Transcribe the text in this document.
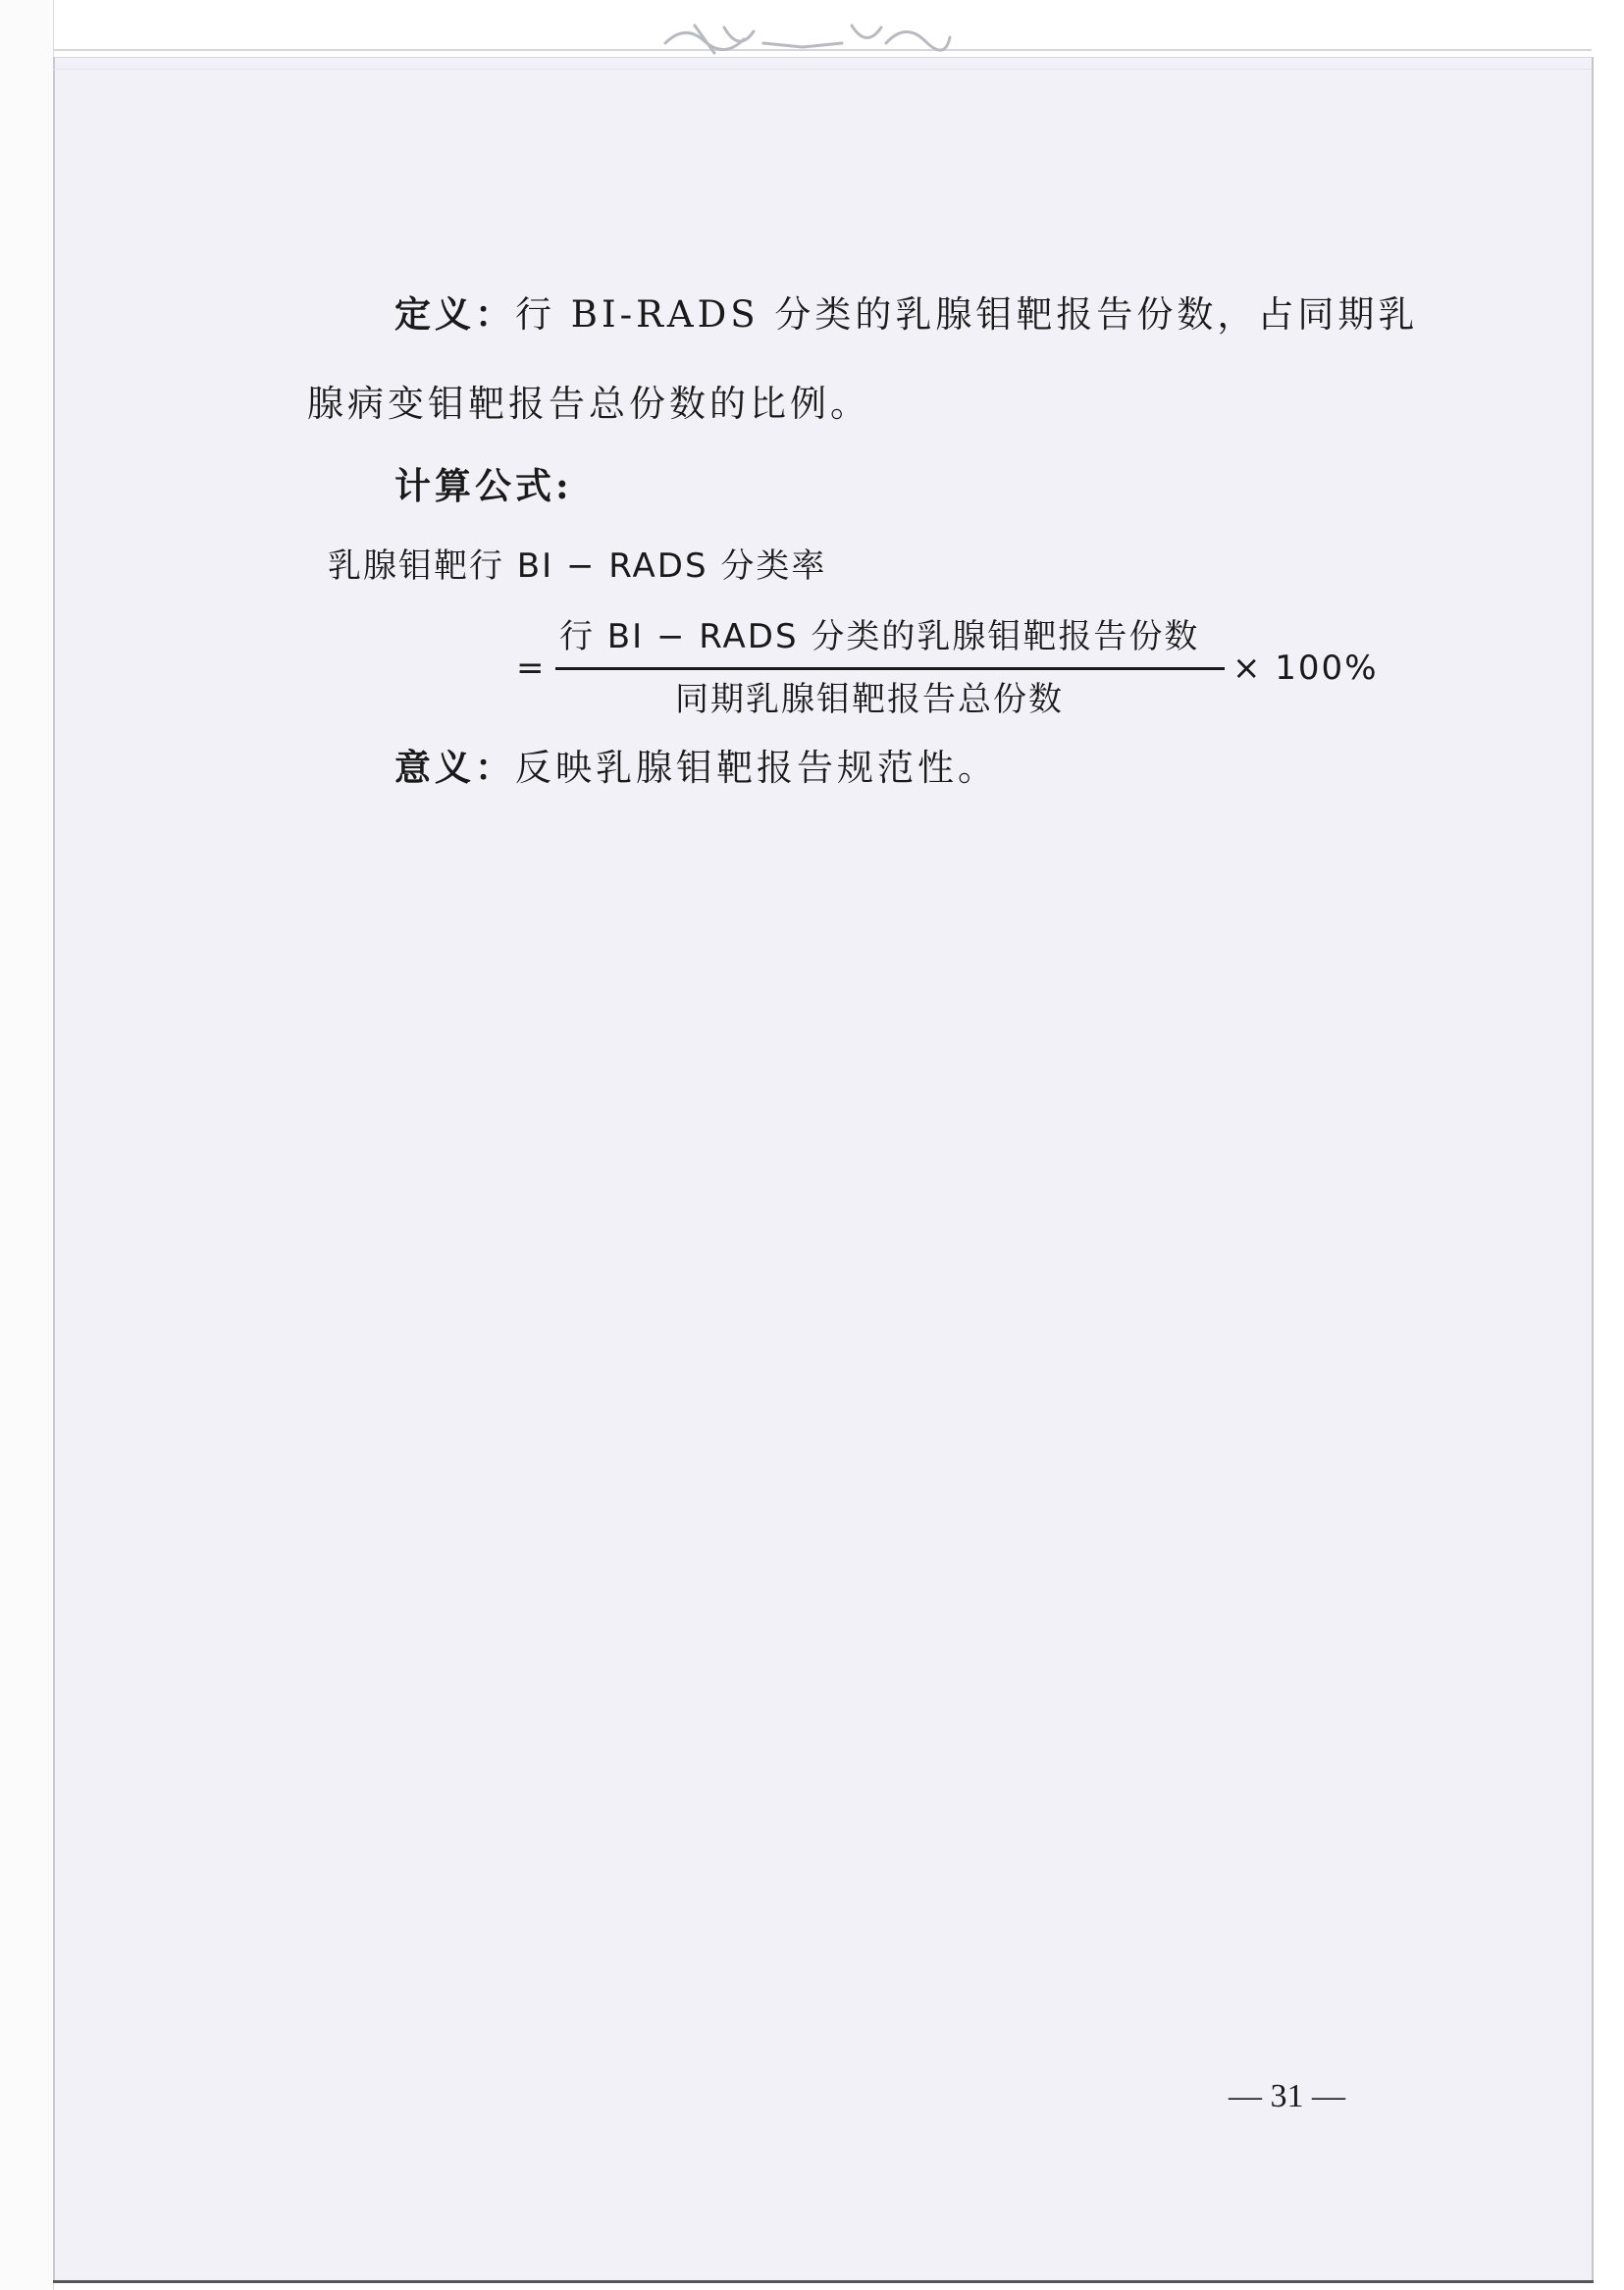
定义：行 BI-RADS 分类的乳腺钼靶报告份数，占同期乳
腺病变钼靶报告总份数的比例。
计算公式:
乳腺钼靶行 BI − RADS 分类率
=
行 BI − RADS 分类的乳腺钼靶报告份数
同期乳腺钼靶报告总份数
× 100%
意义：反映乳腺钼靶报告规范性。
— 31 —
